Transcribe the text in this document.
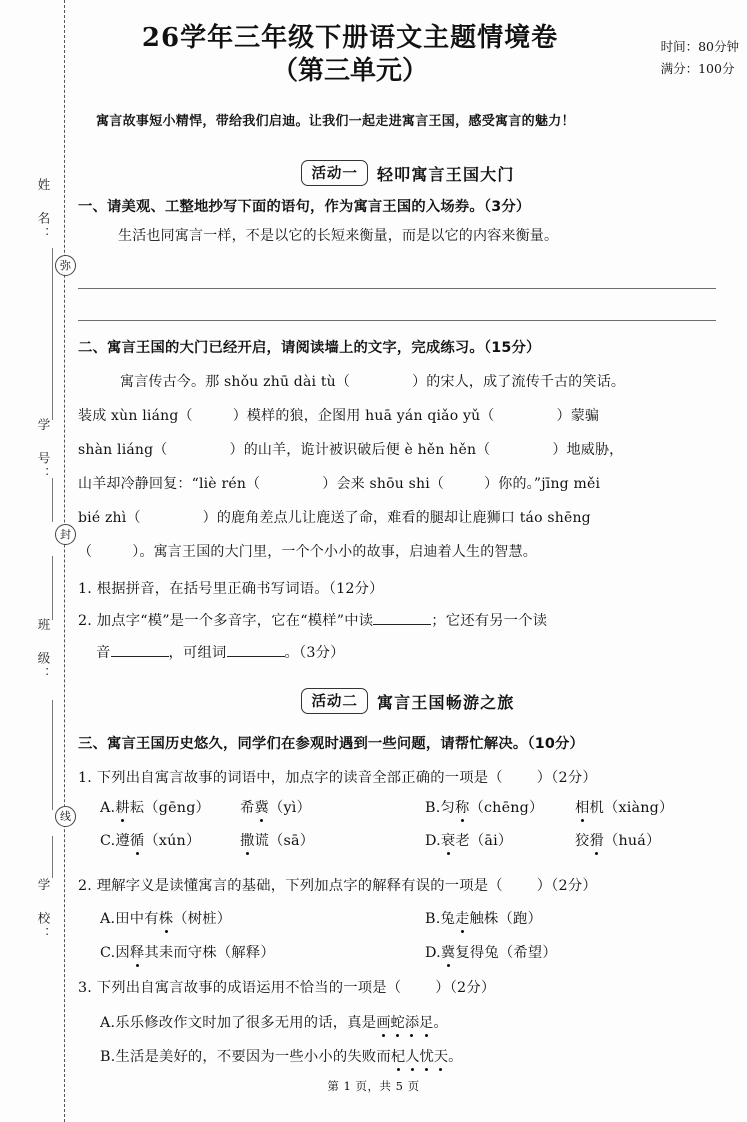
姓 名：
弥
学 号：
封
班 级：
线
学 校：
26学年三年级下册语文主题情境卷
（第三单元）
时间：80分钟
满分：100分
寓言故事短小精悍，带给我们启迪。让我们一起走进寓言王国，感受寓言的魅力！
活动一	轻叩寓言王国大门
一、请美观、工整地抄写下面的语句，作为寓言王国的入场券。（3分）
生活也同寓言一样，不是以它的长短来衡量，而是以它的内容来衡量。
二、寓言王国的大门已经开启，请阅读墙上的文字，完成练习。（15分）
寓言传古今。那 shǒu zhū dài tù（	）的宋人，成了流传千古的笑话。
装成 xùn liáng（	）模样的狼，企图用 huā yán qiǎo yǔ（	）蒙骗
shàn liáng（	）的山羊，诡计被识破后便 è hěn hěn（	）地威胁，
山羊却冷静回复：“liè rén（	）会来 shōu shi（	）你的。”jīng měi
bié zhì（	）的鹿角差点儿让鹿送了命，难看的腿却让鹿狮口 táo shēng
（	）。寓言王国的大门里，一个个小小的故事，启迪着人生的智慧。
1. 根据拼音，在括号里正确书写词语。（12分）
2. 加点字“模”是一个多音字，它在“模样”中读	；它还有另一个读
音	，可组词	。（3分）
活动二	寓言王国畅游之旅
三、寓言王国历史悠久，同学们在参观时遇到一些问题，请帮忙解决。（10分）
1. 下列出自寓言故事的词语中，加点字的读音全部正确的一项是（ ）（2分）
A.耕耘（gēng）	希冀（yì）	B.匀称（chēng）	相机（xiàng）
C.遵循（xún）	撒谎（sā）	D.衰老（āi）	狡猾（huá）
2. 理解字义是读懂寓言的基础，下列加点字的解释有误的一项是（ ）（2分）
A.田中有株（树桩）	B.兔走触株（跑）
C.因释其耒而守株（解释）	D.冀复得兔（希望）
3. 下列出自寓言故事的成语运用不恰当的一项是（ ）（2分）
A.乐乐修改作文时加了很多无用的话，真是画蛇添足。
B.生活是美好的，不要因为一些小小的失败而杞人忧天。
第 1 页，共 5 页
